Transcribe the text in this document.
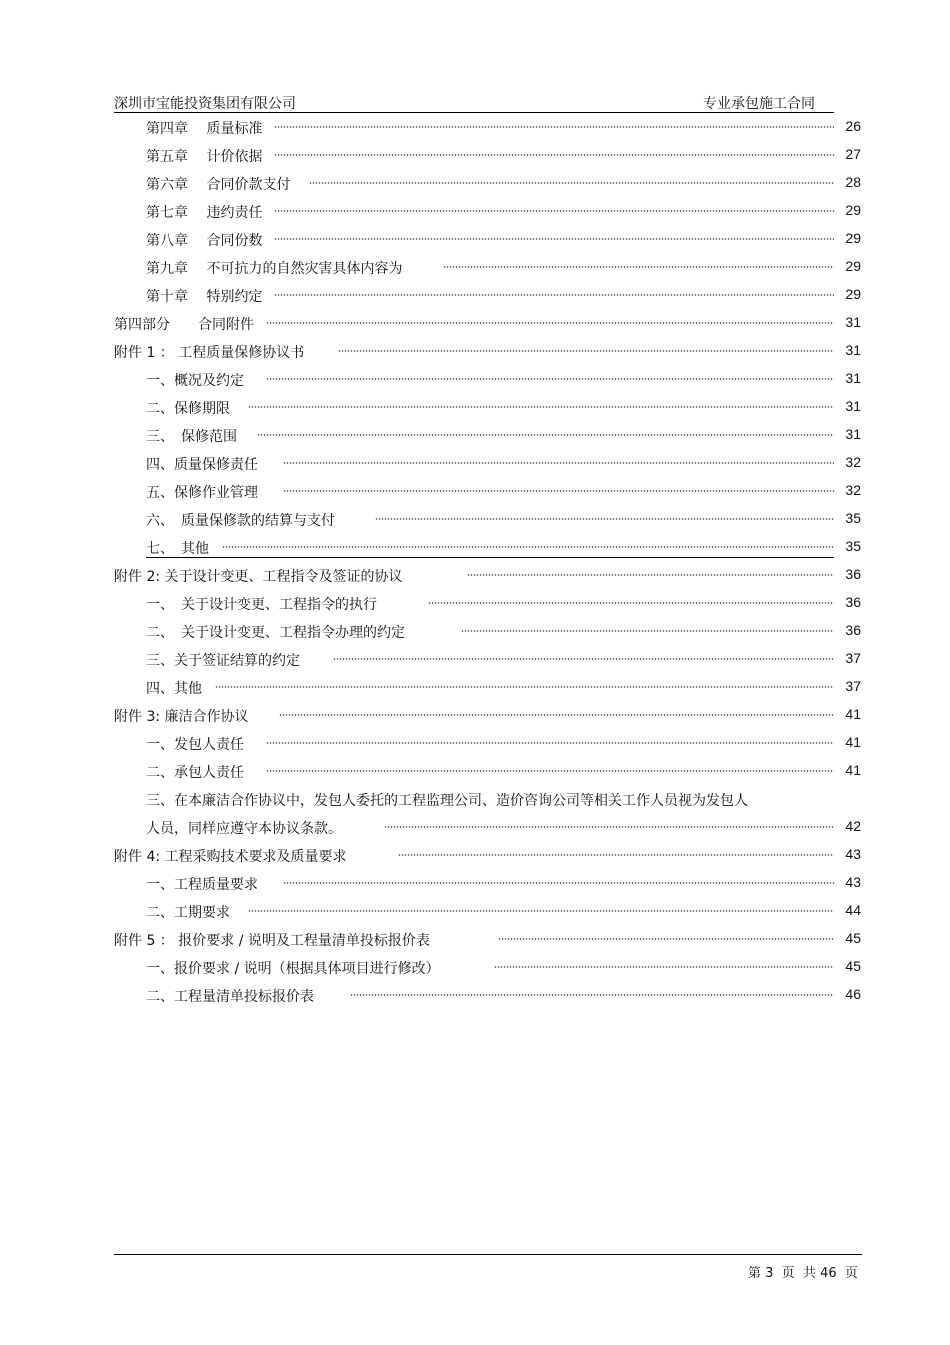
深圳市宝能投资集团有限公司	专业承包施工合同
第四章　 质量标准	26
第五章　 计价依据	27
第六章　 合同价款支付	28
第七章　 违约责任	29
第八章　 合同份数	29
第九章　 不可抗力的自然灾害具体内容为	29
第十章　 特别约定	29
第四部分　　合同附件	31
附件 1 ： 工程质量保修协议书	31
一、概况及约定	31
二、保修期限	31
三、　保修范围	31
四、质量保修责任	32
五、保修作业管理	32
六、　质量保修款的结算与支付	35
七、　其他	35
附件 2: 关于设计变更、工程指令及签证的协议	36
一、　关于设计变更、工程指令的执行	36
二、　关于设计变更、工程指令办理的约定	36
三、关于签证结算的约定	37
四、其他	37
附件 3: 廉洁合作协议	41
一、发包人责任	41
二、承包人责任	41
三、在本廉洁合作协议中，发包人委托的工程监理公司、造价咨询公司等相关工作人员视为发包人
人员，同样应遵守本协议条款。	42
附件 4: 工程采购技术要求及质量要求	43
一、工程质量要求	43
二、工期要求	44
附件 5 ： 报价要求 / 说明及工程量清单投标报价表	45
一、报价要求 / 说明（根据具体项目进行修改）	45
二、工程量清单投标报价表	46
第 3  页  共 46  页
